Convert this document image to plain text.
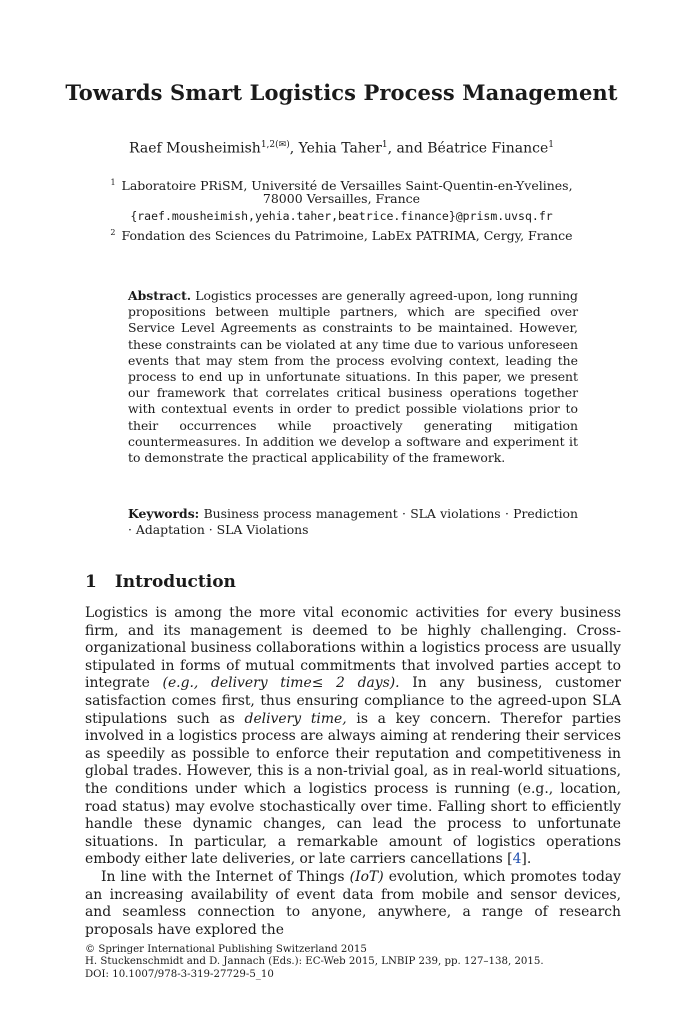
Towards Smart Logistics Process Management
Raef Mousheimish$^{1,2(✉)}$, Yehia Taher$^1$, and Béatrice Finance$^1$
$^1$ Laboratoire PRiSM, Université de Versailles Saint-Quentin-en-Yvelines,
78000 Versailles, France
{raef.mousheimish,yehia.taher,beatrice.finance}@prism.uvsq.fr
$^2$ Fondation des Sciences du Patrimoine, LabEx PATRIMA, Cergy, France
Abstract. Logistics processes are generally agreed-upon, long running propositions between multiple partners, which are specified over Service Level Agreements as constraints to be maintained. However, these constraints can be violated at any time due to various unforeseen events that may stem from the process evolving context, leading the process to end up in unfortunate situations. In this paper, we present our framework that correlates critical business operations together with contextual events in order to predict possible violations prior to their occurrences while proactively generating mitigation countermeasures. In addition we develop a software and experiment it to demonstrate the practical applicability of the framework.
Keywords: Business process management · SLA violations · Prediction · Adaptation · SLA Violations
1 Introduction

Logistics is among the more vital economic activities for every business firm, and its management is deemed to be highly challenging. Cross-organizational business collaborations within a logistics process are usually stipulated in forms of mutual commitments that involved parties accept to integrate (e.g., delivery time≤ 2 days). In any business, customer satisfaction comes first, thus ensuring compliance to the agreed-upon SLA stipulations such as delivery time, is a key concern. Therefor parties involved in a logistics process are always aiming at rendering their services as speedily as possible to enforce their reputation and competitiveness in global trades. However, this is a non-trivial goal, as in real-world situations, the conditions under which a logistics process is running (e.g., location, road status) may evolve stochastically over time. Falling short to efficiently handle these dynamic changes, can lead the process to unfortunate situations. In particular, a remarkable amount of logistics operations embody either late deliveries, or late carriers cancellations [4].

In line with the Internet of Things (IoT) evolution, which promotes today an increasing availability of event data from mobile and sensor devices, and seamless connection to anyone, anywhere, a range of research proposals have explored the

© Springer International Publishing Switzerland 2015
H. Stuckenschmidt and D. Jannach (Eds.): EC-Web 2015, LNBIP 239, pp. 127–138, 2015.
DOI: 10.1007/978-3-319-27729-5_10
